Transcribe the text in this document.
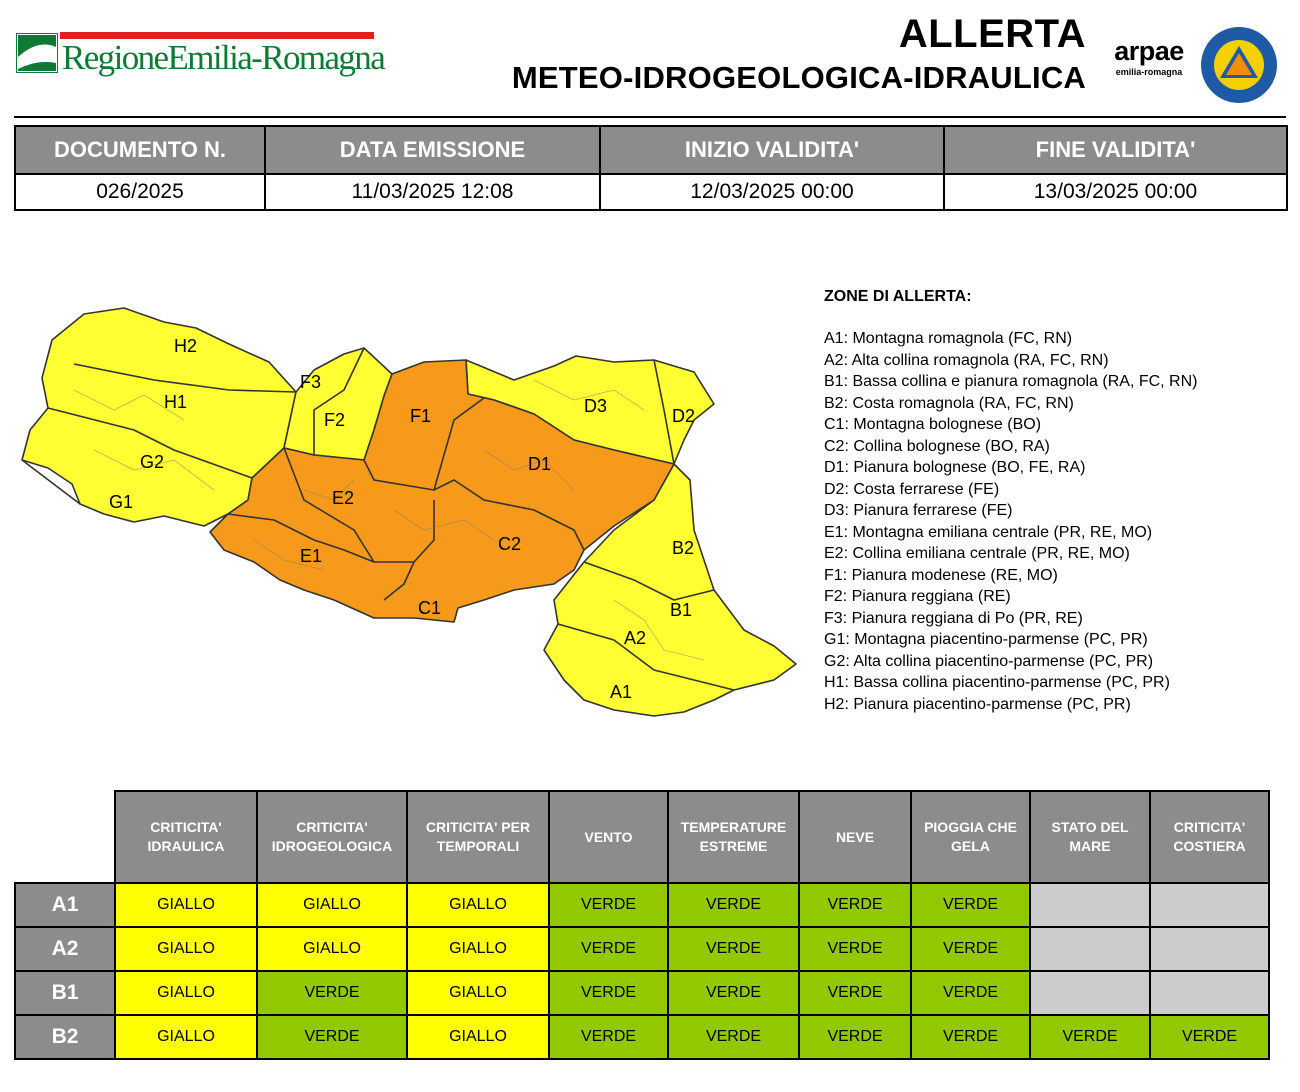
RegioneEmilia-Romagna
ALLERTA
METEO-IDROGEOLOGICA-IDRAULICA
arpae
emilia-romagna
DOCUMENTO N.	DATA EMISSIONE	INIZIO VALIDITA'	FINE VALIDITA'
026/2025	11/03/2025 12:08	12/03/2025 00:00	13/03/2025 00:00
H2
H1
G2
G1
F3
F2	F1
E2
E1
D3	D2
D1
C2
C1
B2
B1
A2
A1
ZONE DI ALLERTA:
A1: Montagna romagnola (FC, RN)
A2: Alta collina romagnola (RA, FC, RN)
B1: Bassa collina e pianura romagnola (RA, FC, RN)
B2: Costa romagnola (RA, FC, RN)
C1: Montagna bolognese (BO)
C2: Collina bolognese (BO, RA)
D1: Pianura bolognese (BO, FE, RA)
D2: Costa ferrarese (FE)
D3: Pianura ferrarese (FE)
E1: Montagna emiliana centrale (PR, RE, MO)
E2: Collina emiliana centrale (PR, RE, MO)
F1: Pianura modenese (RE, MO)
F2: Pianura reggiana (RE)
F3: Pianura reggiana di Po (PR, RE)
G1: Montagna piacentino-parmense (PC, PR)
G2: Alta collina piacentino-parmense (PC, PR)
H1: Bassa collina piacentino-parmense (PC, PR)
H2: Pianura piacentino-parmense (PC, PR)
	CRITICITA' IDRAULICA	CRITICITA' IDROGEOLOGICA	CRITICITA' PER TEMPORALI	VENTO	TEMPERATURE ESTREME	NEVE	PIOGGIA CHE GELA	STATO DEL MARE	CRITICITA' COSTIERA
A1	GIALLO	GIALLO	GIALLO	VERDE	VERDE	VERDE	VERDE		
A2	GIALLO	GIALLO	GIALLO	VERDE	VERDE	VERDE	VERDE		
B1	GIALLO	VERDE	GIALLO	VERDE	VERDE	VERDE	VERDE		
B2	GIALLO	VERDE	GIALLO	VERDE	VERDE	VERDE	VERDE	VERDE	VERDE
